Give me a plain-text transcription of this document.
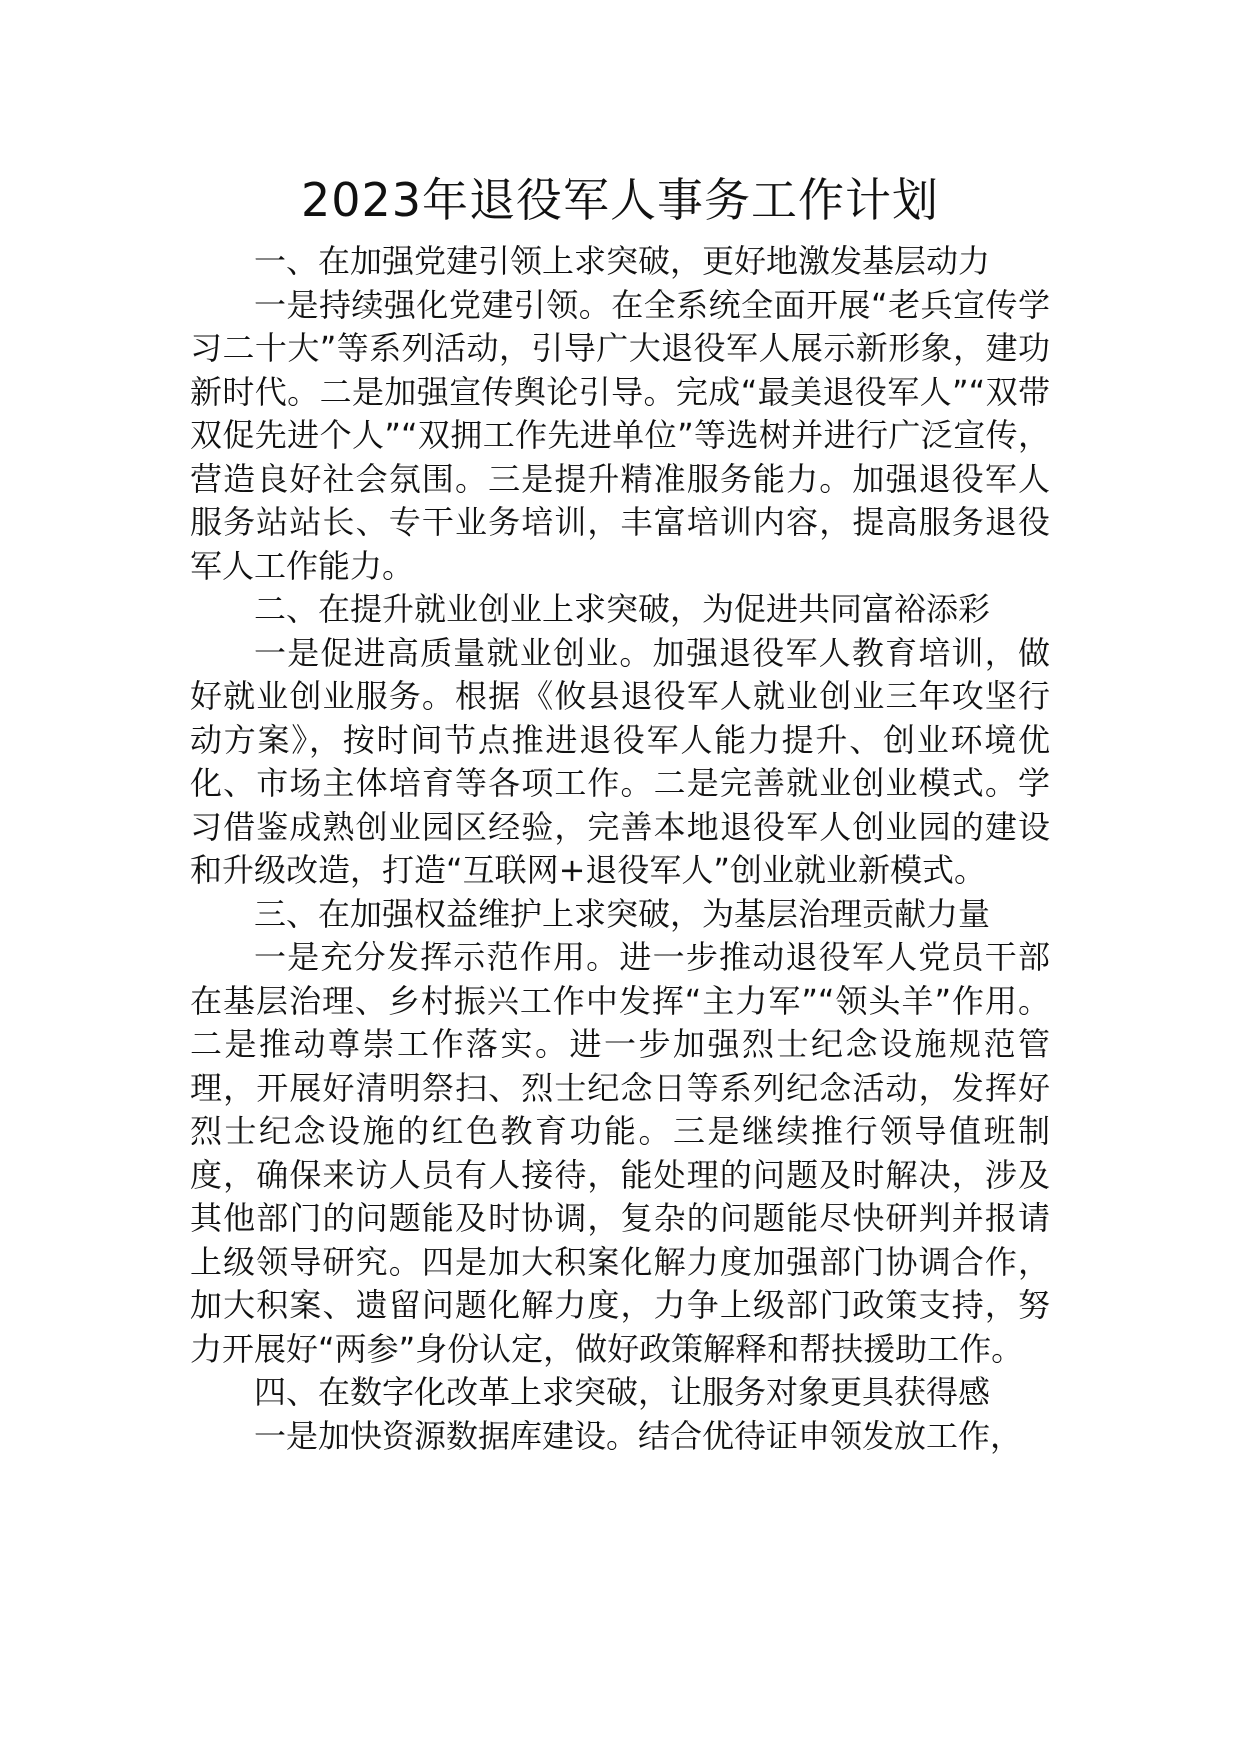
2023年退役军人事务工作计划

一、在加强党建引领上求突破，更好地激发基层动力

一是持续强化党建引领。在全系统全面开展“老兵宣传学习二十大”等系列活动，引导广大退役军人展示新形象，建功新时代。二是加强宣传舆论引导。完成“最美退役军人”“双带双促先进个人”“双拥工作先进单位”等选树并进行广泛宣传，营造良好社会氛围。三是提升精准服务能力。加强退役军人服务站站长、专干业务培训，丰富培训内容，提高服务退役军人工作能力。

二、在提升就业创业上求突破，为促进共同富裕添彩

一是促进高质量就业创业。加强退役军人教育培训，做好就业创业服务。根据《攸县退役军人就业创业三年攻坚行动方案》，按时间节点推进退役军人能力提升、创业环境优化、市场主体培育等各项工作。二是完善就业创业模式。学习借鉴成熟创业园区经验，完善本地退役军人创业园的建设和升级改造，打造“互联网+退役军人”创业就业新模式。

三、在加强权益维护上求突破，为基层治理贡献力量

一是充分发挥示范作用。进一步推动退役军人党员干部在基层治理、乡村振兴工作中发挥“主力军”“领头羊”作用。二是推动尊崇工作落实。进一步加强烈士纪念设施规范管理，开展好清明祭扫、烈士纪念日等系列纪念活动，发挥好烈士纪念设施的红色教育功能。三是继续推行领导值班制度，确保来访人员有人接待，能处理的问题及时解决，涉及其他部门的问题能及时协调，复杂的问题能尽快研判并报请上级领导研究。四是加大积案化解力度加强部门协调合作，加大积案、遗留问题化解力度，力争上级部门政策支持，努力开展好“两参”身份认定，做好政策解释和帮扶援助工作。

四、在数字化改革上求突破，让服务对象更具获得感

一是加快资源数据库建设。结合优待证申领发放工作，
